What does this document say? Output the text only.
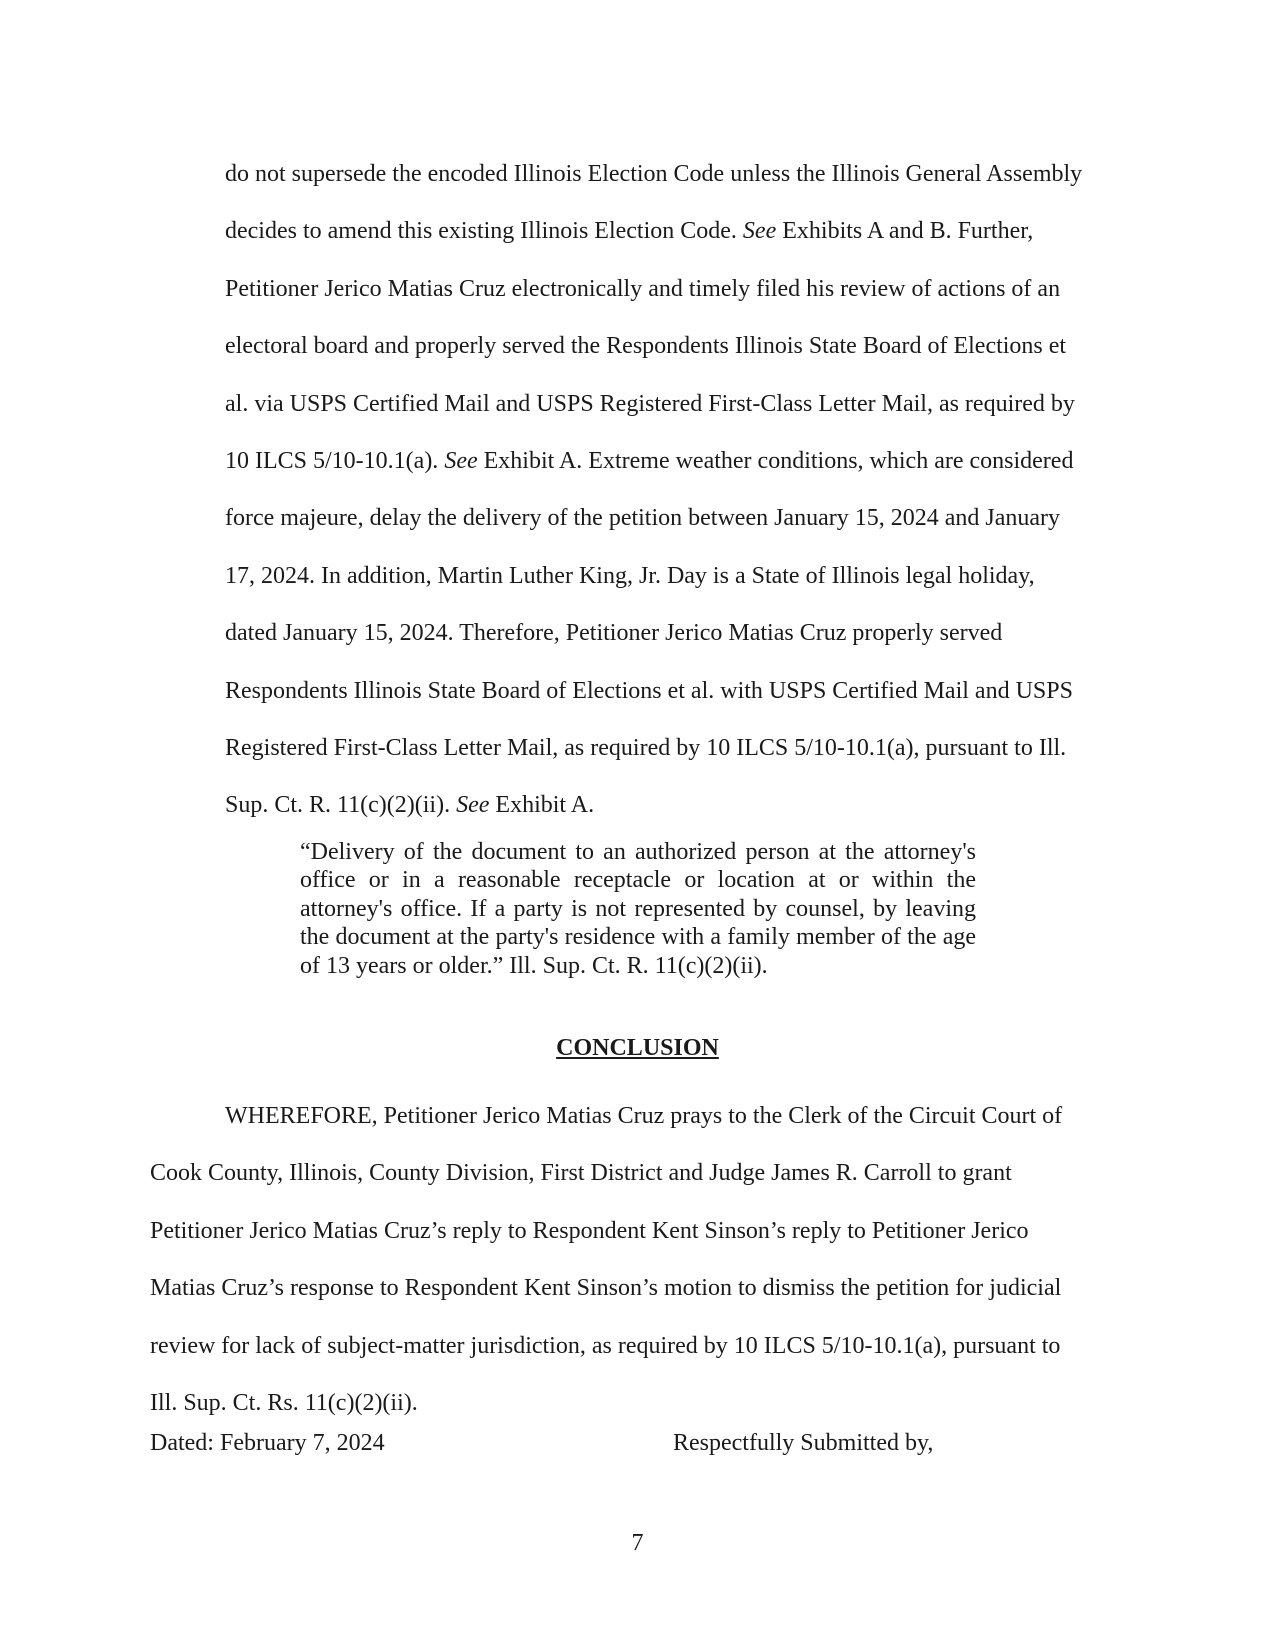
do not supersede the encoded Illinois Election Code unless the Illinois General Assembly
decides to amend this existing Illinois Election Code. See Exhibits A and B. Further,
Petitioner Jerico Matias Cruz electronically and timely filed his review of actions of an
electoral board and properly served the Respondents Illinois State Board of Elections et
al. via USPS Certified Mail and USPS Registered First-Class Letter Mail, as required by
10 ILCS 5/10-10.1(a). See Exhibit A. Extreme weather conditions, which are considered
force majeure, delay the delivery of the petition between January 15, 2024 and January
17, 2024. In addition, Martin Luther King, Jr. Day is a State of Illinois legal holiday,
dated January 15, 2024. Therefore, Petitioner Jerico Matias Cruz properly served
Respondents Illinois State Board of Elections et al. with USPS Certified Mail and USPS
Registered First-Class Letter Mail, as required by 10 ILCS 5/10-10.1(a), pursuant to Ill.
Sup. Ct. R. 11(c)(2)(ii). See Exhibit A.

“Delivery of the document to an authorized person at the attorney's office or in a reasonable receptacle or location at or within the attorney's office. If a party is not represented by counsel, by leaving the document at the party's residence with a family member of the age of 13 years or older.” Ill. Sup. Ct. R. 11(c)(2)(ii).

CONCLUSION

WHEREFORE, Petitioner Jerico Matias Cruz prays to the Clerk of the Circuit Court of
Cook County, Illinois, County Division, First District and Judge James R. Carroll to grant
Petitioner Jerico Matias Cruz’s reply to Respondent Kent Sinson’s reply to Petitioner Jerico
Matias Cruz’s response to Respondent Kent Sinson’s motion to dismiss the petition for judicial
review for lack of subject-matter jurisdiction, as required by 10 ILCS 5/10-10.1(a), pursuant to
Ill. Sup. Ct. Rs. 11(c)(2)(ii).

Dated: February 7, 2024	Respectfully Submitted by,

7
